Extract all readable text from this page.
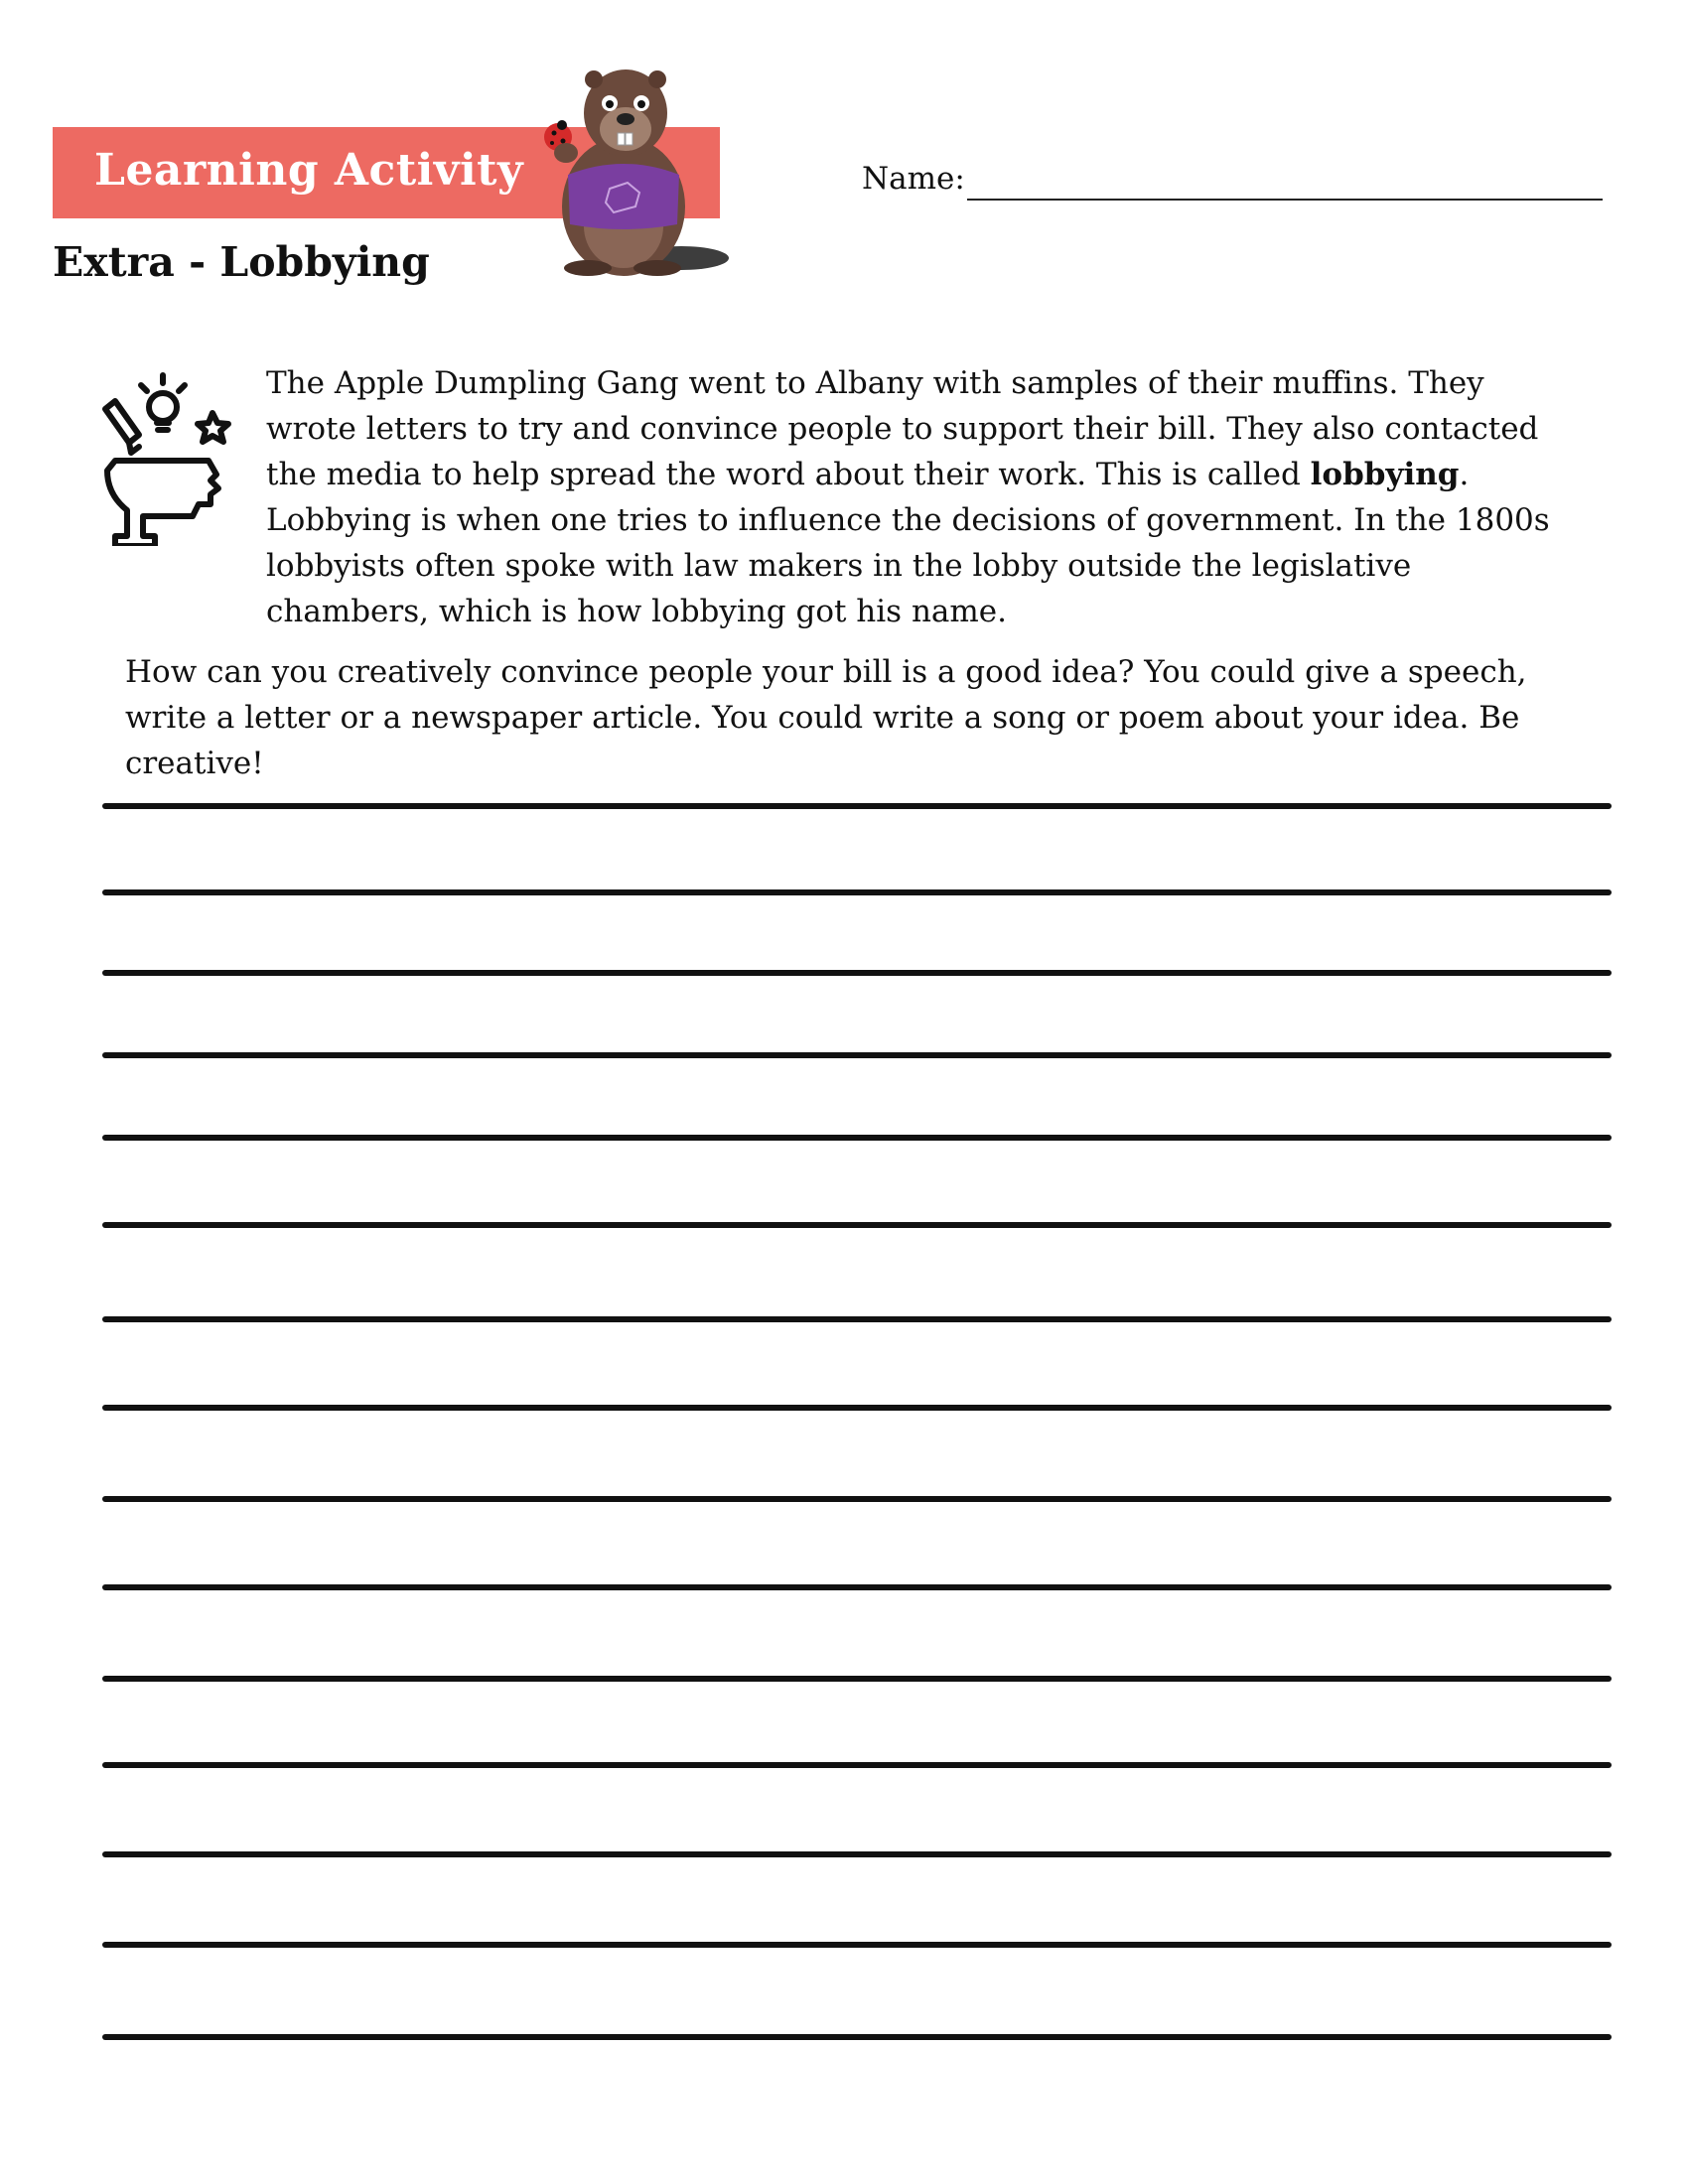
Learning Activity
Extra - Lobbying
Name:
The Apple Dumpling Gang went to Albany with samples of their muffins. They wrote letters to try and convince people to support their bill. They also contacted the media to help spread the word about their work. This is called lobbying. Lobbying is when one tries to influence the decisions of government. In the 1800s lobbyists often spoke with law makers in the lobby outside the legislative chambers, which is how lobbying got his name.
How can you creatively convince people your bill is a good idea? You could give a speech, write a letter or a newspaper article. You could write a song or poem about your idea. Be creative!
